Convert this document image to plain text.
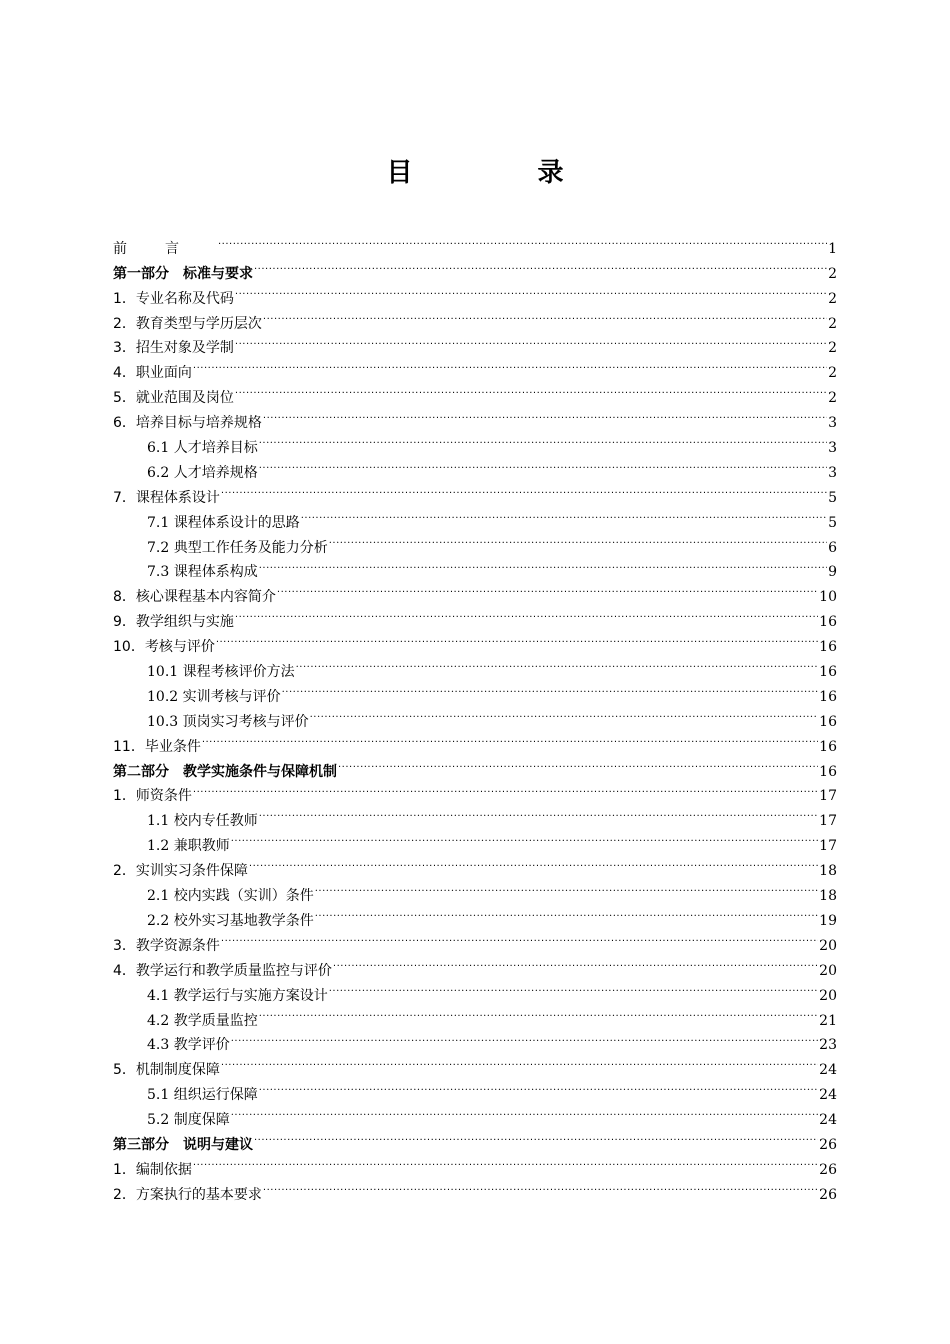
目 录
前言 .....	1
第一部分　标准与要求 .....	2
1．专业名称及代码 .....	2
2．教育类型与学历层次 .....	2
3．招生对象及学制 .....	2
4．职业面向 .....	2
5．就业范围及岗位 .....	2
6．培养目标与培养规格 .....	3
6.1 人才培养目标 .....	3
6.2 人才培养规格 .....	3
7．课程体系设计 .....	5
7.1 课程体系设计的思路 .....	5
7.2 典型工作任务及能力分析 .....	6
7.3 课程体系构成 .....	9
8．核心课程基本内容简介 .....	10
9．教学组织与实施 .....	16
10．考核与评价 .....	16
10.1 课程考核评价方法 .....	16
10.2 实训考核与评价 .....	16
10.3 顶岗实习考核与评价 .....	16
11．毕业条件 .....	16
第二部分　教学实施条件与保障机制 .....	16
1．师资条件 .....	17
1.1 校内专任教师 .....	17
1.2 兼职教师 .....	17
2．实训实习条件保障 .....	18
2.1 校内实践（实训）条件 .....	18
2.2 校外实习基地教学条件 .....	19
3．教学资源条件 .....	20
4．教学运行和教学质量监控与评价 .....	20
4.1 教学运行与实施方案设计 .....	20
4.2 教学质量监控 .....	21
4.3 教学评价 .....	23
5．机制制度保障 .....	24
5.1 组织运行保障 .....	24
5.2 制度保障 .....	24
第三部分　说明与建议 .....	26
1．编制依据 .....	26
2．方案执行的基本要求 .....	26
